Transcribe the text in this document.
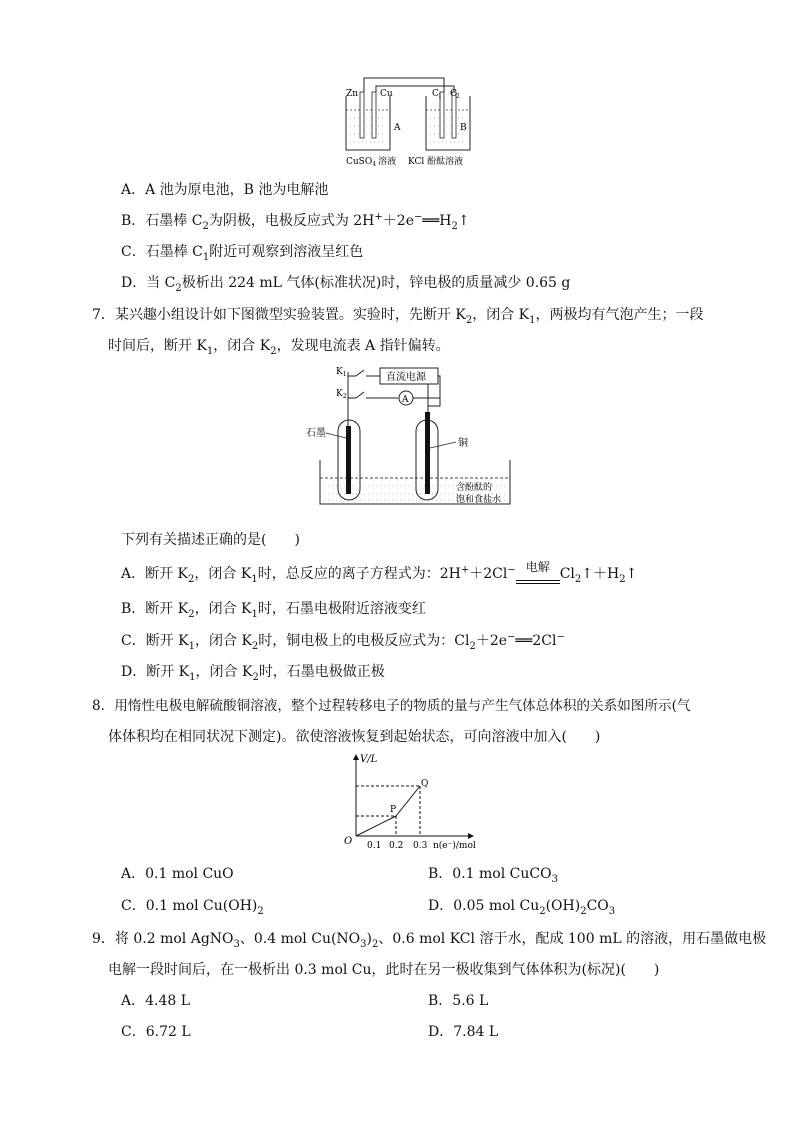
Zn Cu	C 1 C 2
A	B
CuSO$_4$ 溶液 KCl 酚酞溶液
A．A 池为原电池，B 池为电解池
B．石墨棒 $C_2$为阴极，电极反应式为 $2H^++2e^-══H_2↑$
C．石墨棒 $C_1$附近可观察到溶液呈红色
D．当 $C_2$极析出 224 mL 气体(标准状况)时，锌电极的质量减少 0.65 g
7．某兴趣小组设计如下图微型实验装置。实验时，先断开 $K_2$，闭合 $K_1$，两极均有气泡产生；一段
时间后，断开 $K_1$，闭合 $K_2$，发现电流表 A 指针偏转。
直流电源
A
$K_1$
$K_2$
石墨
铜
含酚酞的
饱和食盐水
下列有关描述正确的是(　　)
A．断开 $K_2$，闭合 $K_1$时，总反应的离子方程式为：2H+＋2Cl− 电解 $Cl_2↑+H_2↑$
B．断开 $K_2$，闭合 $K_1$时，石墨电极附近溶液变红
C．断开 $K_1$，闭合 $K_2$时，铜电极上的电极反应式为：$Cl_2+2e^-══2Cl^-$
D．断开 $K_1$，闭合 $K_2$时，石墨电极做正极
8．用惰性电极电解硫酸铜溶液，整个过程转移电子的物质的量与产生气体总体积的关系如图所示(气
体体积均在相同状况下测定)。欲使溶液恢复到起始状态，可向溶液中加入(　　)
V/L
O 0.1 0.2 0.3 n(e⁻)/mol
P
Q
A．0.1 mol CuO	B．0.1 mol CuCO$_3$
C．0.1 mol $Cu(OH)_2$	D．0.05 mol $Cu_2(OH)_2CO_3$
9．将 0.2 mol AgNO$_3$、0.4 mol $Cu(NO_3)_2$、0.6 mol KCl 溶于水，配成 100 mL 的溶液，用石墨做电极
电解一段时间后，在一极析出 0.3 mol Cu，此时在另一极收集到气体体积为(标况)(　　)
A．4.48 L	B．5.6 L
C．6.72 L	D．7.84 L
